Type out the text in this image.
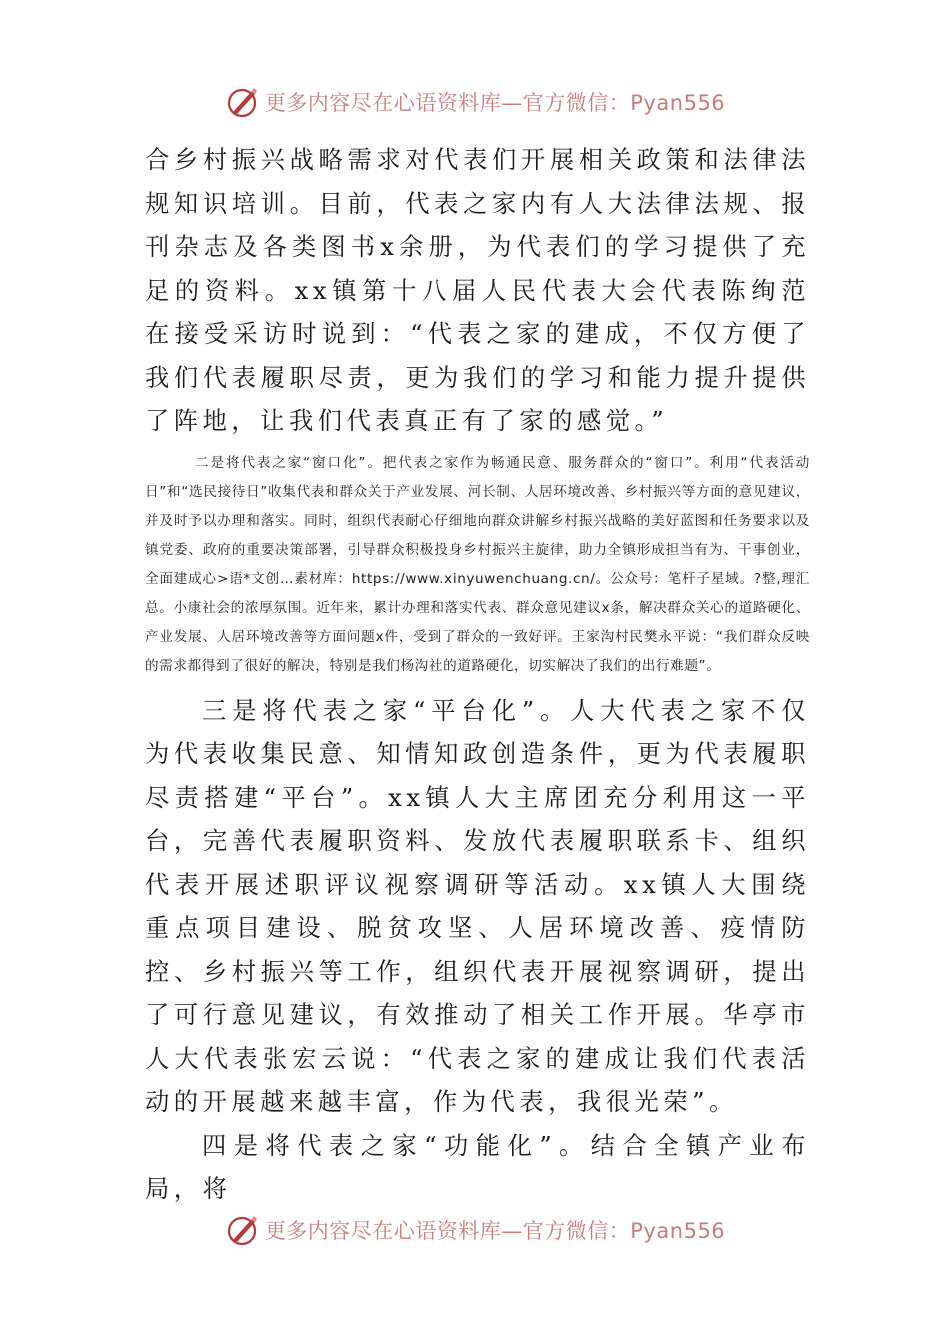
更多内容尽在心语资料库—官方微信：Pyan556

合乡村振兴战略需求对代表们开展相关政策和法律法规知识培训。目前，代表之家内有人大法律法规、报刊杂志及各类图书x余册，为代表们的学习提供了充足的资料。xx镇第十八届人民代表大会代表陈绚范在接受采访时说到：“代表之家的建成，不仅方便了我们代表履职尽责，更为我们的学习和能力提升提供了阵地，让我们代表真正有了家的感觉。”

二是将代表之家“窗口化”。把代表之家作为畅通民意、服务群众的“窗口”。利用“代表活动日”和“选民接待日”收集代表和群众关于产业发展、河长制、人居环境改善、乡村振兴等方面的意见建议，并及时予以办理和落实。同时，组织代表耐心仔细地向群众讲解乡村振兴战略的美好蓝图和任务要求以及镇党委、政府的重要决策部署，引导群众积极投身乡村振兴主旋律，助力全镇形成担当有为、干事创业，全面建成心>语*文创…素材库：https://www.xinyuwenchuang.cn/。公众号：笔杆子星域。?整,理汇总。小康社会的浓厚氛围。近年来，累计办理和落实代表、群众意见建议x条，解决群众关心的道路硬化、产业发展、人居环境改善等方面问题x件，受到了群众的一致好评。王家沟村民樊永平说：“我们群众反映的需求都得到了很好的解决，特别是我们杨沟社的道路硬化，切实解决了我们的出行难题”。

三是将代表之家“平台化”。人大代表之家不仅为代表收集民意、知情知政创造条件，更为代表履职尽责搭建“平台”。xx镇人大主席团充分利用这一平台，完善代表履职资料、发放代表履职联系卡、组织代表开展述职评议视察调研等活动。xx镇人大围绕重点项目建设、脱贫攻坚、人居环境改善、疫情防控、乡村振兴等工作，组织代表开展视察调研，提出了可行意见建议，有效推动了相关工作开展。华亭市人大代表张宏云说：“代表之家的建成让我们代表活动的开展越来越丰富，作为代表，我很光荣”。

四是将代表之家“功能化”。结合全镇产业布局，将

更多内容尽在心语资料库—官方微信：Pyan556
